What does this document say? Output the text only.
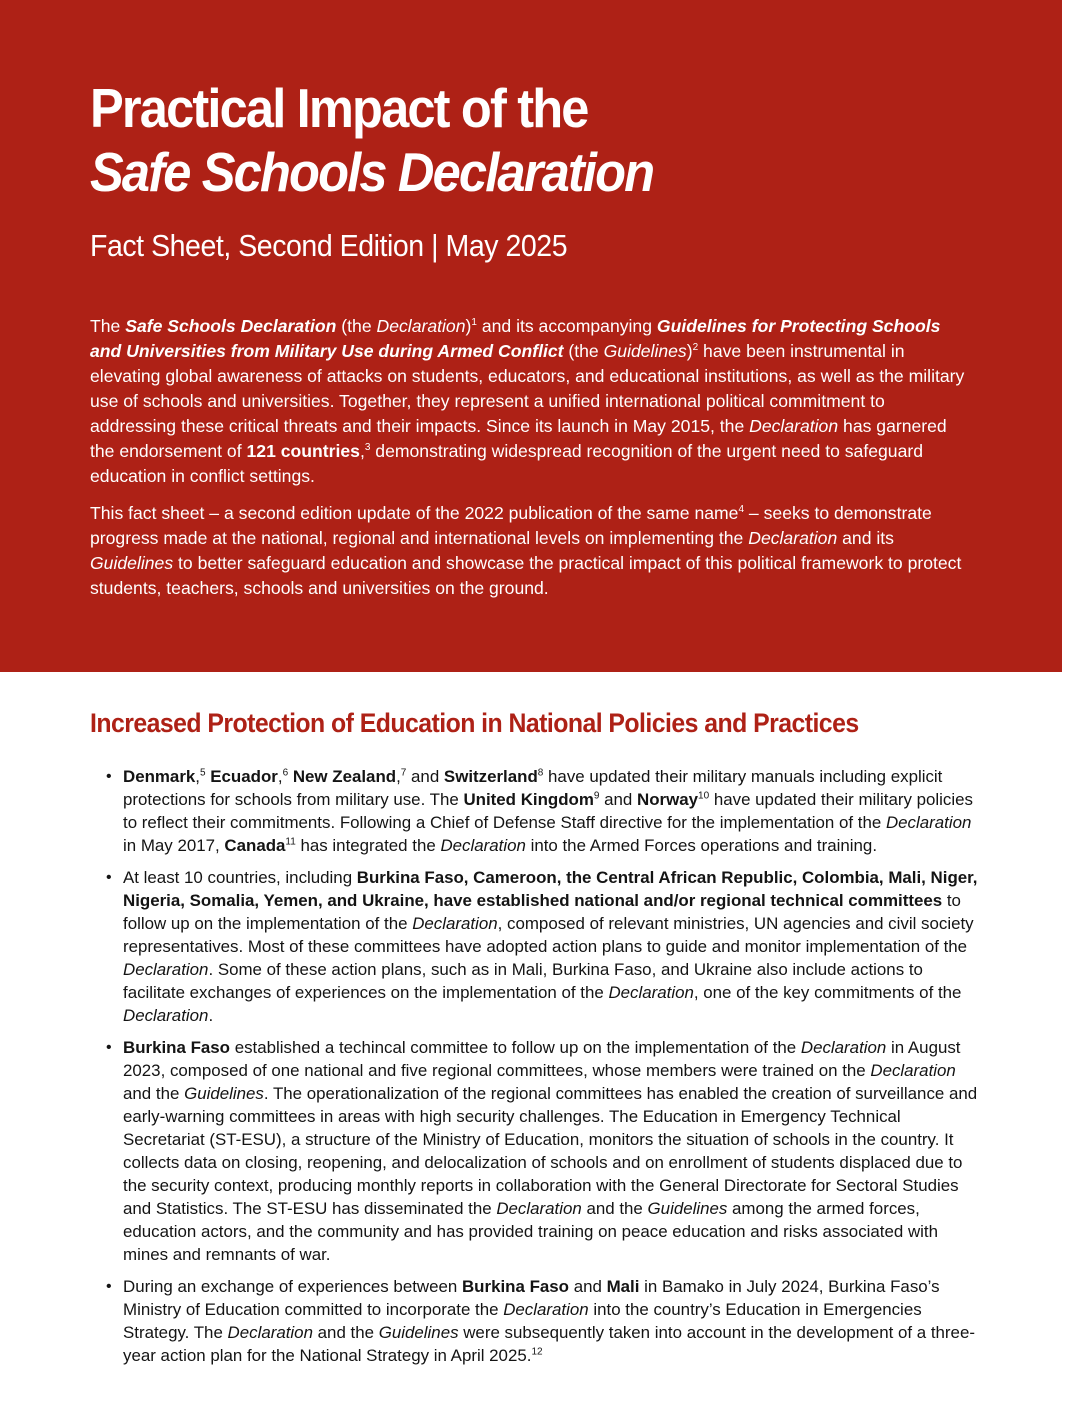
Practical Impact of the
Safe Schools Declaration
Fact Sheet, Second Edition | May 2025

The Safe Schools Declaration (the Declaration)$^1$ and its accompanying Guidelines for Protecting Schools and Universities from Military Use during Armed Conflict (the Guidelines)$^2$ have been instrumental in elevating global awareness of attacks on students, educators, and educational institutions, as well as the military use of schools and universities. Together, they represent a unified international political commitment to addressing these critical threats and their impacts. Since its launch in May 2015, the Declaration has garnered the endorsement of 121 countries,$^3$ demonstrating widespread recognition of the urgent need to safeguard education in conflict settings.

This fact sheet – a second edition update of the 2022 publication of the same name$^4$ – seeks to demonstrate progress made at the national, regional and international levels on implementing the Declaration and its Guidelines to better safeguard education and showcase the practical impact of this political framework to protect students, teachers, schools and universities on the ground.

Increased Protection of Education in National Policies and Practices
• Denmark,$^5$ Ecuador,$^6$ New Zealand,$^7$ and Switzerland$^8$ have updated their military manuals including explicit protections for schools from military use. The United Kingdom$^9$ and Norway$^{10}$ have updated their military policies to reflect their commitments. Following a Chief of Defense Staff directive for the implementation of the Declaration in May 2017, Canada$^{11}$ has integrated the Declaration into the Armed Forces operations and training.
• At least 10 countries, including Burkina Faso, Cameroon, the Central African Republic, Colombia, Mali, Niger, Nigeria, Somalia, Yemen, and Ukraine, have established national and/or regional technical committees to follow up on the implementation of the Declaration, composed of relevant ministries, UN agencies and civil society representatives. Most of these committees have adopted action plans to guide and monitor implementation of the Declaration. Some of these action plans, such as in Mali, Burkina Faso, and Ukraine also include actions to facilitate exchanges of experiences on the implementation of the Declaration, one of the key commitments of the Declaration.
• Burkina Faso established a techincal committee to follow up on the implementation of the Declaration in August 2023, composed of one national and five regional committees, whose members were trained on the Declaration and the Guidelines. The operationalization of the regional committees has enabled the creation of surveillance and early-warning committees in areas with high security challenges. The Education in Emergency Technical Secretariat (ST-ESU), a structure of the Ministry of Education, monitors the situation of schools in the country. It collects data on closing, reopening, and delocalization of schools and on enrollment of students displaced due to the security context, producing monthly reports in collaboration with the General Directorate for Sectoral Studies and Statistics. The ST-ESU has disseminated the Declaration and the Guidelines among the armed forces, education actors, and the community and has provided training on peace education and risks associated with mines and remnants of war.
• During an exchange of experiences between Burkina Faso and Mali in Bamako in July 2024, Burkina Faso’s Ministry of Education committed to incorporate the Declaration into the country’s Education in Emergencies Strategy. The Declaration and the Guidelines were subsequently taken into account in the development of a three-year action plan for the National Strategy in April 2025.12
